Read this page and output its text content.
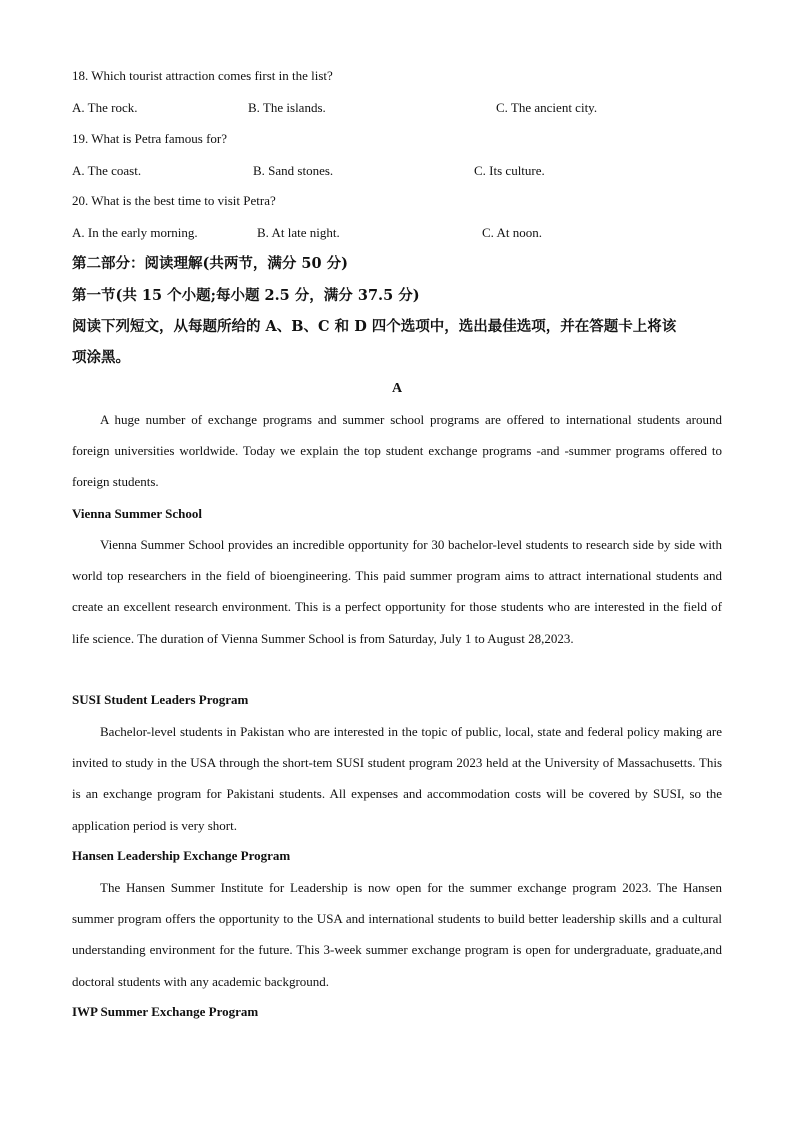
18. Which tourist attraction comes first in the list?
A. The rock.	B. The islands.	C. The ancient city.
19. What is Petra famous for?
A. The coast.	B. Sand stones.	C. Its culture.
20. What is the best time to visit Petra?
A. In the early morning.	B. At late night.	C. At noon.
第二部分：阅读理解(共两节，满分 50 分)
第一节(共 15 个小题;每小题 2.5 分，满分 37.5 分)
阅读下列短文，从每题所给的 A、B、C 和 D 四个选项中，选出最佳选项，并在答题卡上将该
项涂黑。
A

A huge number of exchange programs and summer school programs are offered to international students around foreign universities worldwide. Today we explain the top student exchange programs -and -summer programs offered to foreign students.

Vienna Summer School

Vienna Summer School provides an incredible opportunity for 30 bachelor-level students to research side by side with world top researchers in the field of bioengineering. This paid summer program aims to attract international students and create an excellent research environment. This is a perfect opportunity for those students who are interested in the field of life science. The duration of Vienna Summer School is from Saturday, July 1 to August 28,2023.

SUSI Student Leaders Program

Bachelor-level students in Pakistan who are interested in the topic of public, local, state and federal policy making are invited to study in the USA through the short-tem SUSI student program 2023 held at the University of Massachusetts. This is an exchange program for Pakistani students. All expenses and accommodation costs will be covered by SUSI, so the application period is very short.

Hansen Leadership Exchange Program

The Hansen Summer Institute for Leadership is now open for the summer exchange program 2023. The Hansen summer program offers the opportunity to the USA and international students to build better leadership skills and a cultural understanding environment for the future. This 3-week summer exchange program is open for undergraduate, graduate,and doctoral students with any academic background.

IWP Summer Exchange Program
